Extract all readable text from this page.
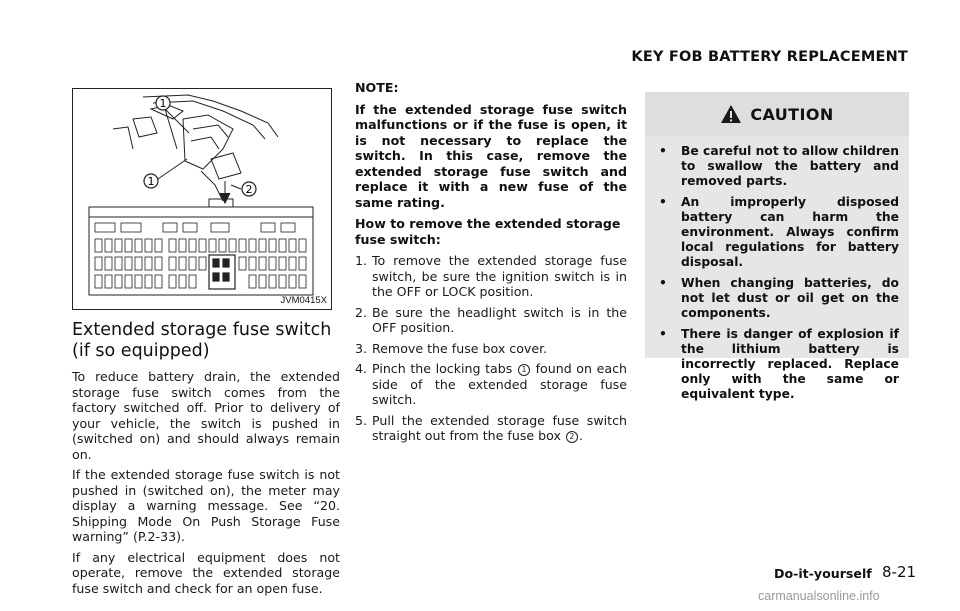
1
1
2
JVM0415X
Extended storage fuse switch (if so equipped)

To reduce battery drain, the extended storage fuse switch comes from the factory switched off. Prior to delivery of your vehicle, the switch is pushed in (switched on) and should always remain on.

If the extended storage fuse switch is not pushed in (switched on), the meter may display a warning message. See “20. Shipping Mode On Push Storage Fuse warning” (P.2-33).

If any electrical equipment does not operate, remove the extended storage fuse switch and check for an open fuse.

NOTE:

If the extended storage fuse switch malfunctions or if the fuse is open, it is not necessary to replace the switch. In this case, remove the extended storage fuse switch and replace it with a new fuse of the same rating.

How to remove the extended storage fuse switch:

1. To remove the extended storage fuse switch, be sure the ignition switch is in the OFF or LOCK position.
2. Be sure the headlight switch is in the OFF position.
3. Remove the fuse box cover.
4. Pinch the locking tabs 1 found on each side of the extended storage fuse switch.
5. Pull the extended storage fuse switch straight out from the fuse box 2 .
KEY FOB BATTERY REPLACEMENT
CAUTION
• Be careful not to allow children to swallow the battery and removed parts.
• An improperly disposed battery can harm the environment. Always confirm local regulations for battery disposal.
• When changing batteries, do not let dust or oil get on the components.
• There is danger of explosion if the lithium battery is incorrectly replaced. Replace only with the same or equivalent type.
Do-it-yourself 8-21
carmanualsonline.info
